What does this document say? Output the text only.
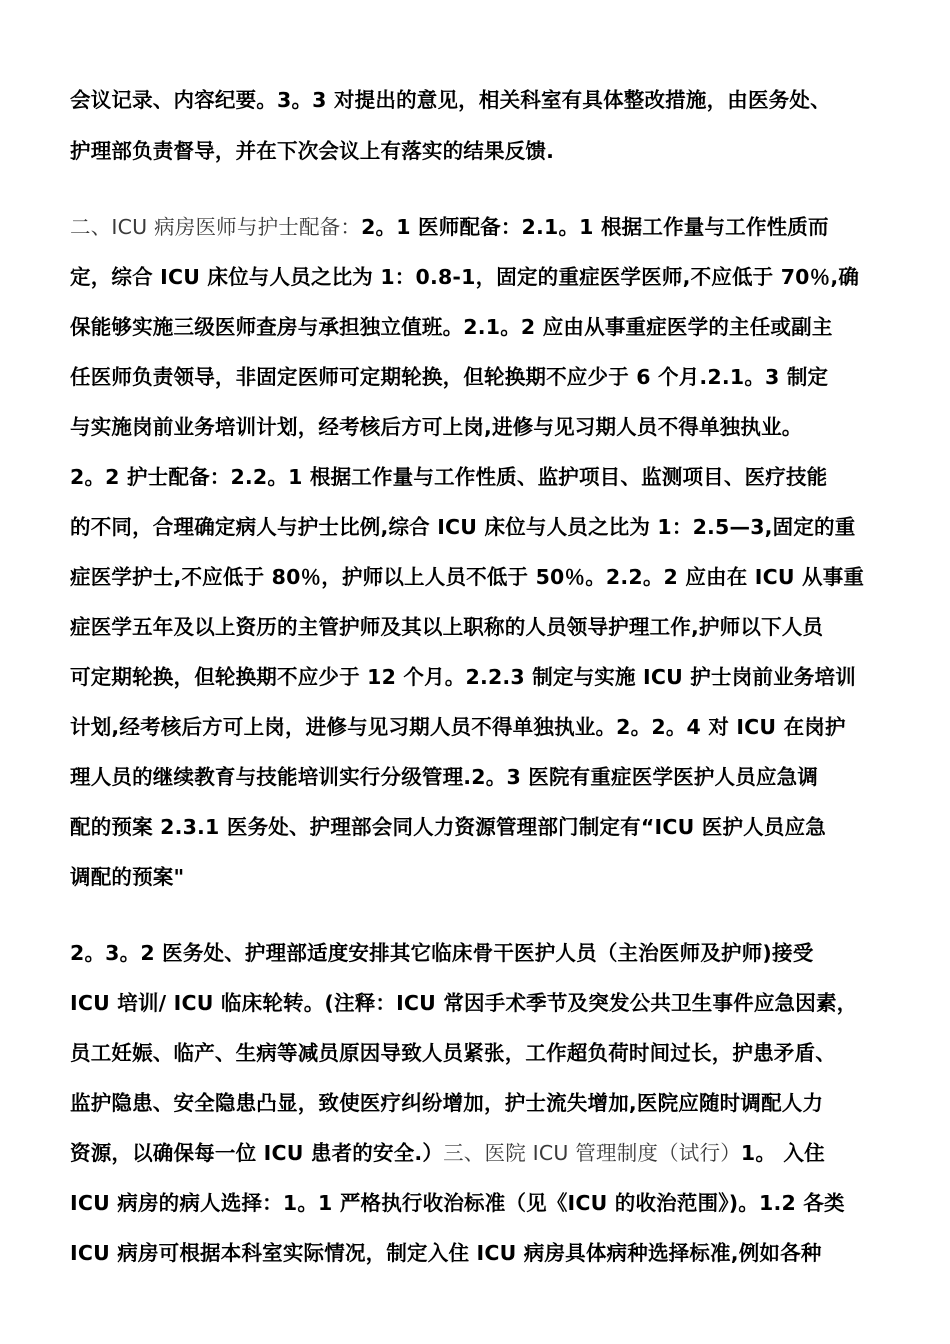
会议记录、内容纪要。3。3 对提出的意见，相关科室有具体整改措施，由医务处、
护理部负责督导，并在下次会议上有落实的结果反馈.
二、ICU 病房医师与护士配备：2。1 医师配备：2.1。1 根据工作量与工作性质而
定，综合 ICU 床位与人员之比为 1：0.8-1，固定的重症医学医师,不应低于 70％,确
保能够实施三级医师查房与承担独立值班。2.1。2 应由从事重症医学的主任或副主
任医师负责领导，非固定医师可定期轮换，但轮换期不应少于 6 个月.2.1。3 制定
与实施岗前业务培训计划，经考核后方可上岗,进修与见习期人员不得单独执业。
2。2 护士配备：2.2。1 根据工作量与工作性质、监护项目、监测项目、医疗技能
的不同，合理确定病人与护士比例,综合 ICU 床位与人员之比为 1：2.5—3,固定的重
症医学护士,不应低于 80％，护师以上人员不低于 50％。2.2。2 应由在 ICU 从事重
症医学五年及以上资历的主管护师及其以上职称的人员领导护理工作,护师以下人员
可定期轮换，但轮换期不应少于 12 个月。2.2.3 制定与实施 ICU 护士岗前业务培训
计划,经考核后方可上岗，进修与见习期人员不得单独执业。2。2。4 对 ICU 在岗护
理人员的继续教育与技能培训实行分级管理.2。3 医院有重症医学医护人员应急调
配的预案 2.3.1 医务处、护理部会同人力资源管理部门制定有“ICU 医护人员应急
调配的预案"
2。3。2 医务处、护理部适度安排其它临床骨干医护人员（主治医师及护师)接受
ICU 培训/ ICU 临床轮转。(注释：ICU 常因手术季节及突发公共卫生事件应急因素，
员工妊娠、临产、生病等减员原因导致人员紧张，工作超负荷时间过长，护患矛盾、
监护隐患、安全隐患凸显，致使医疗纠纷增加，护士流失增加,医院应随时调配人力
资源，以确保每一位 ICU 患者的安全.）三、医院 ICU 管理制度（试行）1。 入住
ICU 病房的病人选择：1。1 严格执行收治标准（见《ICU 的收治范围》)。1.2 各类
ICU 病房可根据本科室实际情况，制定入住 ICU 病房具体病种选择标准,例如各种
